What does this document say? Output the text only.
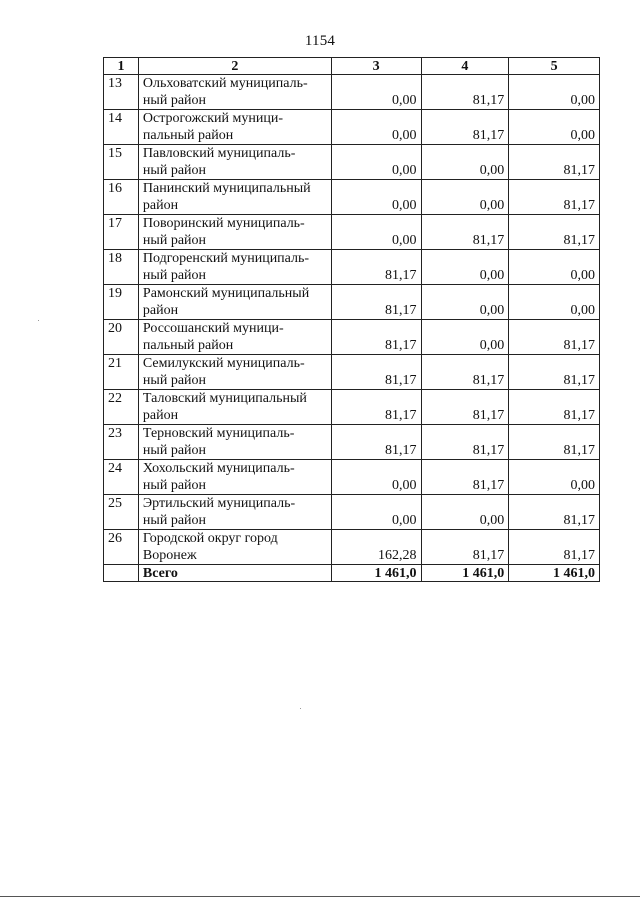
1154
1	2	3	4	5
13	Ольховатский муниципаль-
ный район	0,00	81,17	0,00
14	Острогожский муници-
пальный район	0,00	81,17	0,00
15	Павловский муниципаль-
ный район	0,00	0,00	81,17
16	Панинский муниципальный
район	0,00	0,00	81,17
17	Поворинский муниципаль-
ный район	0,00	81,17	81,17
18	Подгоренский муниципаль-
ный район	81,17	0,00	0,00
19	Рамонский муниципальный
район	81,17	0,00	0,00
20	Россошанский муници-
пальный район	81,17	0,00	81,17
21	Семилукский муниципаль-
ный район	81,17	81,17	81,17
22	Таловский муниципальный
район	81,17	81,17	81,17
23	Терновский муниципаль-
ный район	81,17	81,17	81,17
24	Хохольский муниципаль-
ный район	0,00	81,17	0,00
25	Эртильский муниципаль-
ный район	0,00	0,00	81,17
26	Городской округ город
Воронеж	162,28	81,17	81,17
	Всего	1 461,0	1 461,0	1 461,0
